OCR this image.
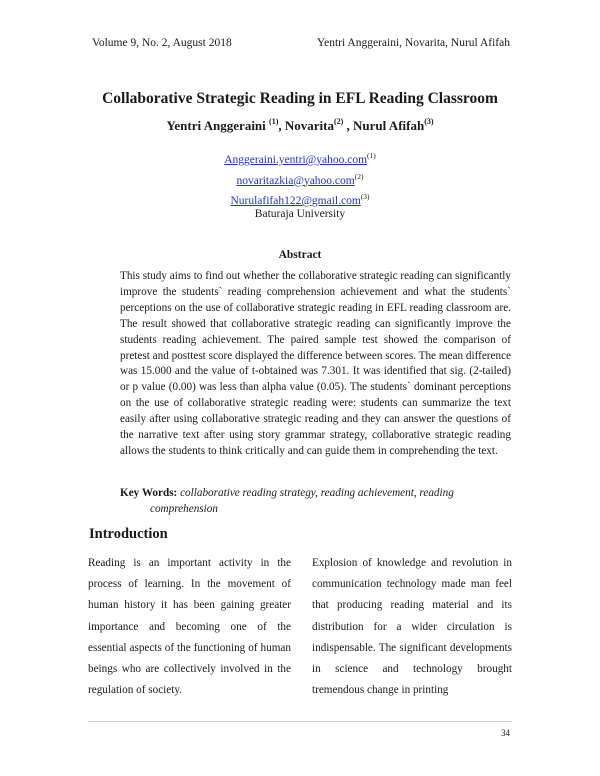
Volume 9, No. 2, August 2018	Yentri Anggeraini, Novarita, Nurul Afifah
Collaborative Strategic Reading in EFL Reading Classroom
Yentri Anggeraini $^{(1)}$, Novarita$^{(2)}$ , Nurul Afifah$^{(3)}$
Anggeraini.yentri@yahoo.com$^{(1)}$
novaritazkia@yahoo.com$^{(2)}$
Nurulafifah122@gmail.com$^{(3)}$
Baturaja University
Abstract

This study aims to find out whether the collaborative strategic reading can significantly improve the students` reading comprehension achievement and what the students` perceptions on the use of collaborative strategic reading in EFL reading classroom are. The result showed that collaborative strategic reading can significantly improve the students reading achievement. The paired sample test showed the comparison of pretest and posttest score displayed the difference between scores. The mean difference was 15.000 and the value of t-obtained was 7.301. It was identified that sig. (2-tailed) or p value (0.00) was less than alpha value (0.05). The students` dominant perceptions on the use of collaborative strategic reading were: students can summarize the text easily after using collaborative strategic reading and they can answer the questions of the narrative text after using story grammar strategy, collaborative strategic reading allows the students to think critically and can guide them in comprehending the text.

Key Words: collaborative reading strategy, reading achievement, reading
comprehension

Introduction

Reading is an important activity in the process of learning. In the movement of human history it has been gaining greater importance and becoming one of the essential aspects of the functioning of human beings who are collectively involved in the regulation of society.

Explosion of knowledge and revolution in communication technology made man feel that producing reading material and its distribution for a wider circulation is indispensable. The significant developments in science and technology brought tremendous change in printing

34
